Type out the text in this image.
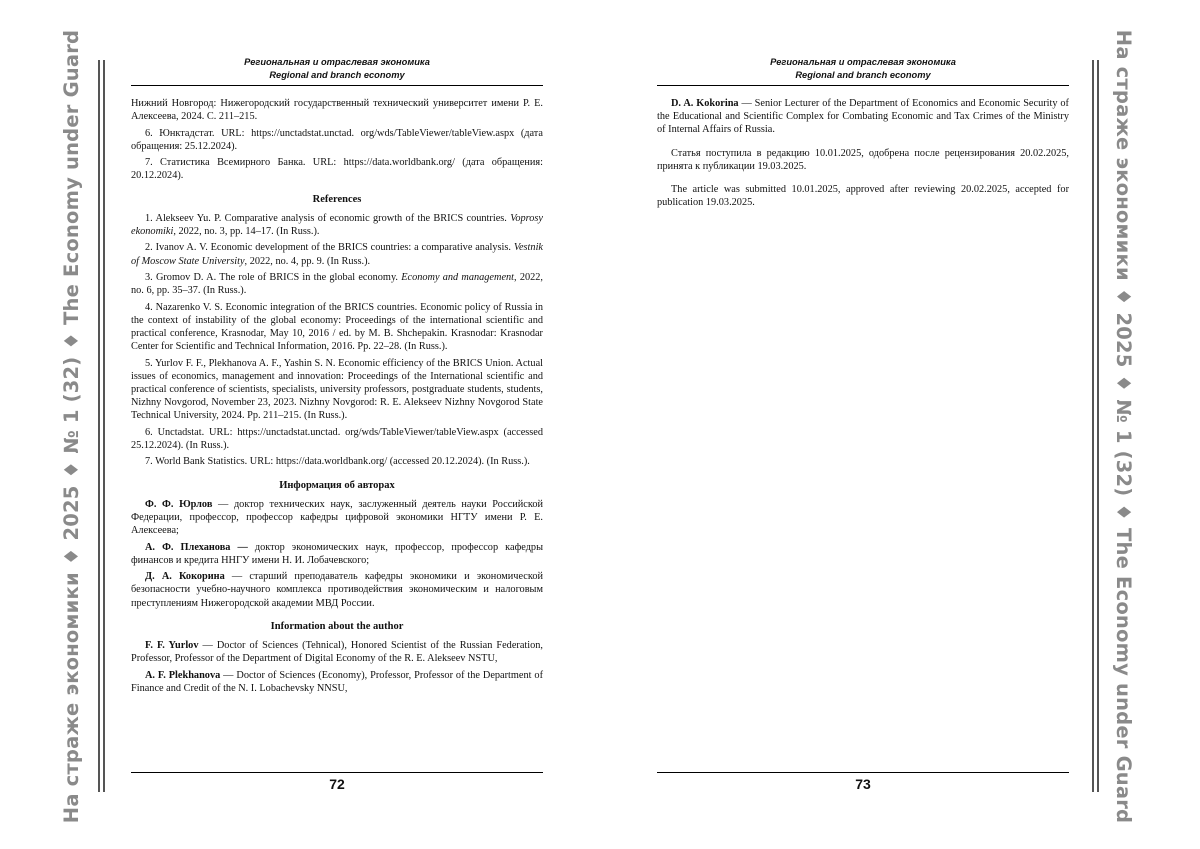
На страже экономики ♦ 2025 ♦ № 1 (32) ♦ The Economy under Guard	Региональная и отраслевая экономика
Regional and branch economy

Нижний Новгород: Нижегородский государственный технический университет имени Р. Е. Алексеева, 2024. С. 211–215.

6. Юнктадстат. URL: https://unctadstat.unctad. org/wds/TableViewer/tableView.aspx (дата обращения: 25.12.2024).

7. Статистика Всемирного Банка. URL: https://data.worldbank.org/ (дата обращения: 20.12.2024).

References

1. Alekseev Yu. P. Comparative analysis of economic growth of the BRICS countries. Voprosy ekonomiki, 2022, no. 3, pp. 14–17. (In Russ.).

2. Ivanov A. V. Economic development of the BRICS countries: a comparative analysis. Vestnik of Moscow State University, 2022, no. 4, pp. 9. (In Russ.).

3. Gromov D. A. The role of BRICS in the global economy. Economy and management, 2022, no. 6, pp. 35–37. (In Russ.).

4. Nazarenko V. S. Economic integration of the BRICS countries. Economic policy of Russia in the context of instability of the global economy: Proceedings of the international scientific and practical conference, Krasnodar, May 10, 2016 / ed. by M. B. Shchepakin. Krasnodar: Krasnodar Center for Scientific and Technical Information, 2016. Pp. 22–28. (In Russ.).

5. Yurlov F. F., Plekhanova A. F., Yashin S. N. Economic efficiency of the BRICS Union. Actual issues of economics, management and innovation: Proceedings of the International scientific and practical conference of scientists, specialists, university professors, postgraduate students, students, Nizhny Novgorod, November 23, 2023. Nizhny Novgorod: R. E. Alekseev Nizhny Novgorod State Technical University, 2024. Pp. 211–215. (In Russ.).

6. Unctadstat. URL: https://unctadstat.unctad. org/wds/TableViewer/tableView.aspx (accessed 25.12.2024). (In Russ.).

7. World Bank Statistics. URL: https://data.worldbank.org/ (accessed 20.12.2024). (In Russ.).

Информация об авторах

Ф. Ф. Юрлов — доктор технических наук, заслуженный деятель науки Российской Федерации, профессор, профессор кафедры цифровой экономики НГТУ имени Р. Е. Алексеева;

А. Ф. Плеханова — доктор экономических наук, профессор, профессор кафедры финансов и кредита ННГУ имени Н. И. Лобачевского;

Д. А. Кокорина — старший преподаватель кафедры экономики и экономической безопасности учебно-научного комплекса противодействия экономическим и налоговым преступлениям Нижегородской академии МВД России.

Information about the author

F. F. Yurlov — Doctor of Sciences (Tehnical), Honored Scientist of the Russian Federation, Professor, Professor of the Department of Digital Economy of the R. E. Alekseev NSTU,

A. F. Plekhanova — Doctor of Sciences (Economy), Professor, Professor of the Department of Finance and Credit of the N. I. Lobachevsky NNSU,

72
Региональная и отраслевая экономика
Regional and branch economy

D. A. Kokorina — Senior Lecturer of the Department of Economics and Economic Security of the Educational and Scientific Complex for Combating Economic and Tax Crimes of the Ministry of Internal Affairs of Russia.

Статья поступила в редакцию 10.01.2025, одобрена после рецензирования 20.02.2025, принята к публикации 19.03.2025.

The article was submitted 10.01.2025, approved after reviewing 20.02.2025, accepted for publication 19.03.2025.

73	На страже экономики ♦ 2025 ♦ № 1 (32) ♦ The Economy under Guard
